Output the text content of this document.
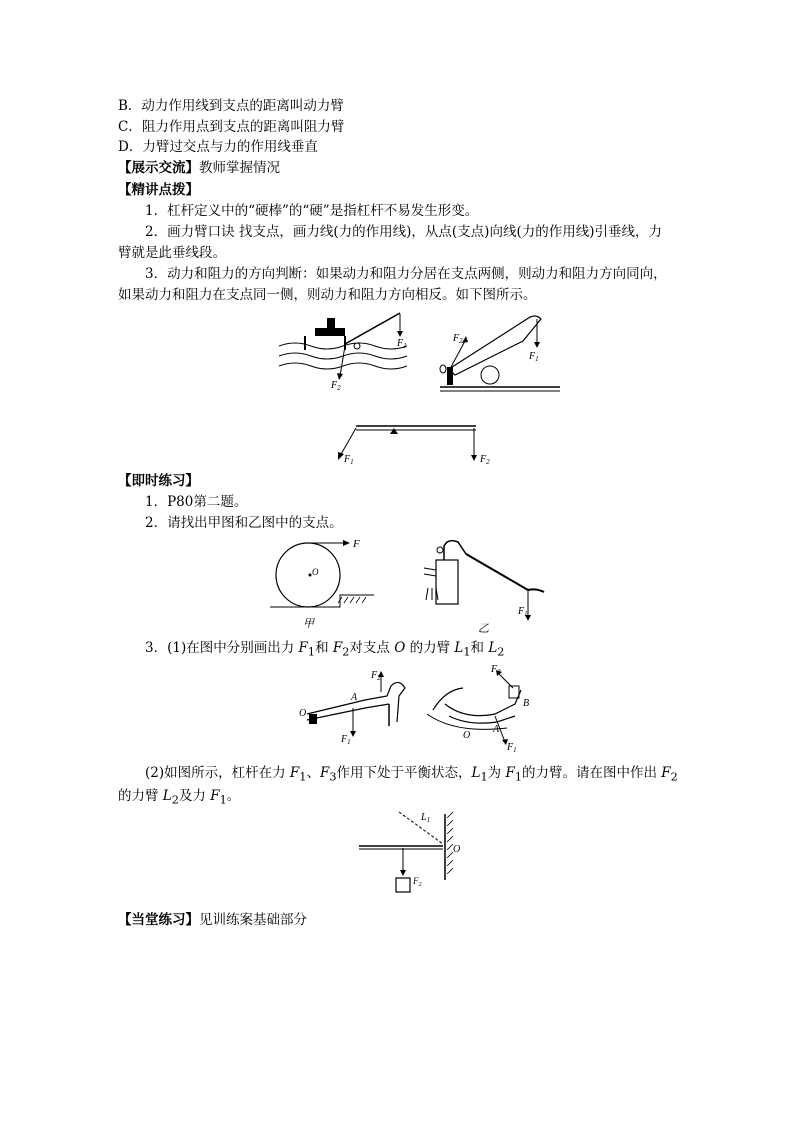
B．动力作用线到支点的距离叫动力臂
C．阻力作用点到支点的距离叫阻力臂
D．力臂过交点与力的作用线垂直
【展示交流】教师掌握情况
【精讲点拨】
1．杠杆定义中的“硬棒”的“硬”是指杠杆不易发生形变。
2．画力臂口诀 找支点，画力线(力的作用线)，从点(支点)向线(力的作用线)引垂线，力
臂就是此垂线段。
3．动力和阻力的方向判断：如果动力和阻力分居在支点两侧，则动力和阻力方向同向，
如果动力和阻力在支点同一侧，则动力和阻力方向相反。如下图所示。
$F_1$
$F_2$
$F_2$
$F_1$
$F_1$	$F_2$
【即时练习】
1．P80第二题。
2．请找出甲图和乙图中的支点。
O
F
甲
$F_1$
乙
3．(1)在图中分别画出力 $F_1$和 $F_2$对支点 O 的力臂 $L_1$和 $L_2$
$F_2$
$F_1$
O
A
$F_2$
$F_1$
B
A
O
(2)如图所示，杠杆在力 $F_1$、$F_3$作用下处于平衡状态，$L_1$为 $F_1$的力臂。请在图中作出 $F_2$
的力臂 $L_2$及力 $F_1$。
$L_1$
O
$F_2$
【当堂练习】见训练案基础部分
